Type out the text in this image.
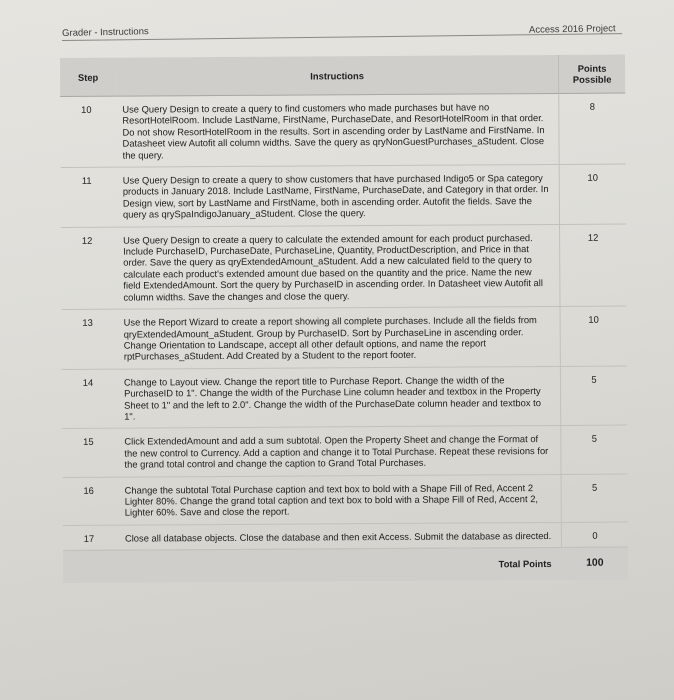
Grader - Instructions	Access 2016 Project
Step	Instructions	Points Possible
10	Use Query Design to create a query to find customers who made purchases but have no ResortHotelRoom. Include LastName, FirstName, PurchaseDate, and ResortHotelRoom in that order. Do not show ResortHotelRoom in the results. Sort in ascending order by LastName and FirstName. In Datasheet view Autofit all column widths. Save the query as qryNonGuestPurchases_aStudent. Close the query.	8
11	Use Query Design to create a query to show customers that have purchased Indigo5 or Spa category products in January 2018. Include LastName, FirstName, PurchaseDate, and Category in that order. In Design view, sort by LastName and FirstName, both in ascending order. Autofit the fields. Save the query as qrySpaIndigoJanuary_aStudent. Close the query.	10
12	Use Query Design to create a query to calculate the extended amount for each product purchased. Include PurchaseID, PurchaseDate, PurchaseLine, Quantity, ProductDescription, and Price in that order. Save the query as qryExtendedAmount_aStudent. Add a new calculated field to the query to calculate each product's extended amount due based on the quantity and the price. Name the new field ExtendedAmount. Sort the query by PurchaseID in ascending order. In Datasheet view Autofit all column widths. Save the changes and close the query.	12
13	Use the Report Wizard to create a report showing all complete purchases. Include all the fields from qryExtendedAmount_aStudent. Group by PurchaseID. Sort by PurchaseLine in ascending order. Change Orientation to Landscape, accept all other default options, and name the report rptPurchases_aStudent. Add Created by a Student to the report footer.	10
14	Change to Layout view. Change the report title to Purchase Report. Change the width of the PurchaseID to 1". Change the width of the Purchase Line column header and textbox in the Property Sheet to 1" and the left to 2.0". Change the width of the PurchaseDate column header and textbox to 1".	5
15	Click ExtendedAmount and add a sum subtotal. Open the Property Sheet and change the Format of the new control to Currency. Add a caption and change it to Total Purchase. Repeat these revisions for the grand total control and change the caption to Grand Total Purchases.	5
16	Change the subtotal Total Purchase caption and text box to bold with a Shape Fill of Red, Accent 2 Lighter 80%. Change the grand total caption and text box to bold with a Shape Fill of Red, Accent 2, Lighter 60%. Save and close the report.	5
17	Close all database objects. Close the database and then exit Access. Submit the database as directed.	0
	Total Points	100
